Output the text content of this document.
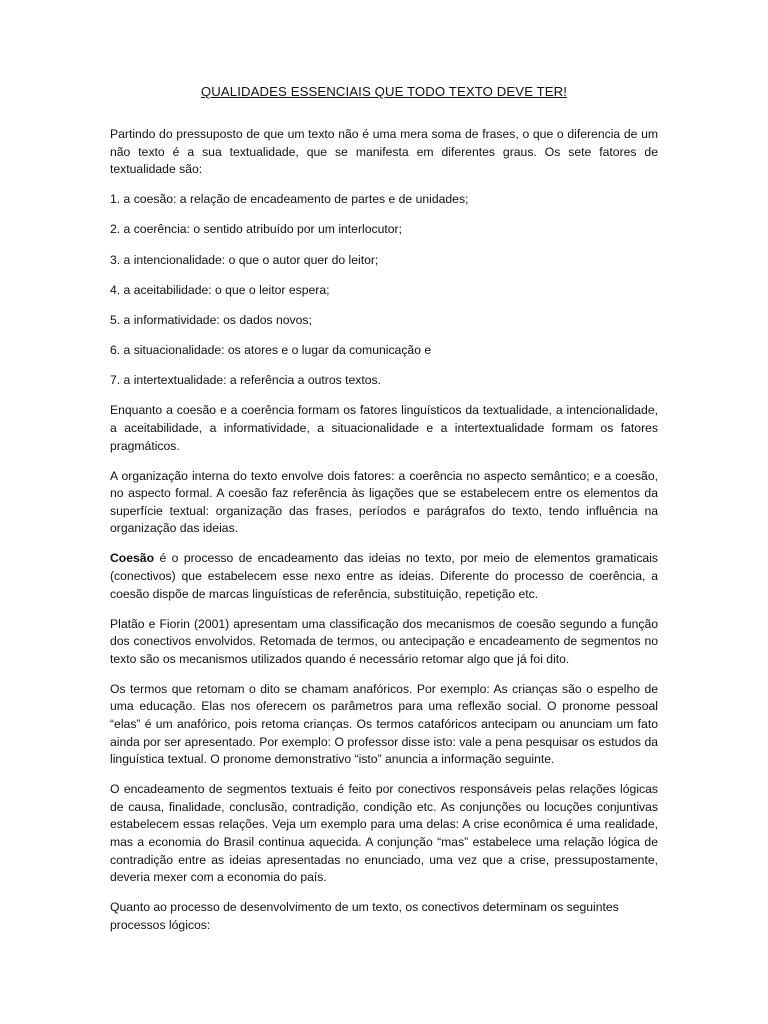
QUALIDADES ESSENCIAIS QUE TODO TEXTO DEVE TER!

Partindo do pressuposto de que um texto não é uma mera soma de frases, o que o diferencia de um não texto é a sua textualidade, que se manifesta em diferentes graus. Os sete fatores de textualidade são:

1. a coesão: a relação de encadeamento de partes e de unidades;

2. a coerência: o sentido atribuído por um interlocutor;

3. a intencionalidade: o que o autor quer do leitor;

4. a aceitabilidade: o que o leitor espera;

5. a informatividade: os dados novos;

6. a situacionalidade: os atores e o lugar da comunicação e

7. a intertextualidade: a referência a outros textos.

Enquanto a coesão e a coerência formam os fatores linguísticos da textualidade, a intencionalidade, a aceitabilidade, a informatividade, a situacionalidade e a intertextualidade formam os fatores pragmáticos.

A organização interna do texto envolve dois fatores: a coerência no aspecto semântico; e a coesão, no aspecto formal. A coesão faz referência às ligações que se estabelecem entre os elementos da superfície textual: organização das frases, períodos e parágrafos do texto, tendo influência na organização das ideias.

Coesão é o processo de encadeamento das ideias no texto, por meio de elementos gramaticais (conectivos) que estabelecem esse nexo entre as ideias. Diferente do processo de coerência, a coesão dispõe de marcas linguísticas de referência, substituição, repetição etc.

Platão e Fiorin (2001) apresentam uma classificação dos mecanismos de coesão segundo a função dos conectivos envolvidos. Retomada de termos, ou antecipação e encadeamento de segmentos no texto são os mecanismos utilizados quando é necessário retomar algo que já foi dito.

Os termos que retomam o dito se chamam anafóricos. Por exemplo: As crianças são o espelho de uma educação. Elas nos oferecem os parâmetros para uma reflexão social. O pronome pessoal “elas” é um anafórico, pois retoma crianças. Os termos catafóricos antecipam ou anunciam um fato ainda por ser apresentado. Por exemplo: O professor disse isto: vale a pena pesquisar os estudos da linguística textual. O pronome demonstrativo “isto” anuncia a informação seguinte.

O encadeamento de segmentos textuais é feito por conectivos responsáveis pelas relações lógicas de causa, finalidade, conclusão, contradição, condição etc. As conjunções ou locuções conjuntivas estabelecem essas relações. Veja um exemplo para uma delas: A crise econômica é uma realidade, mas a economia do Brasil continua aquecida. A conjunção “mas” estabelece uma relação lógica de contradição entre as ideias apresentadas no enunciado, uma vez que a crise, pressupostamente, deveria mexer com a economia do país.

Quanto ao processo de desenvolvimento de um texto, os conectivos determinam os seguintes processos lógicos:
